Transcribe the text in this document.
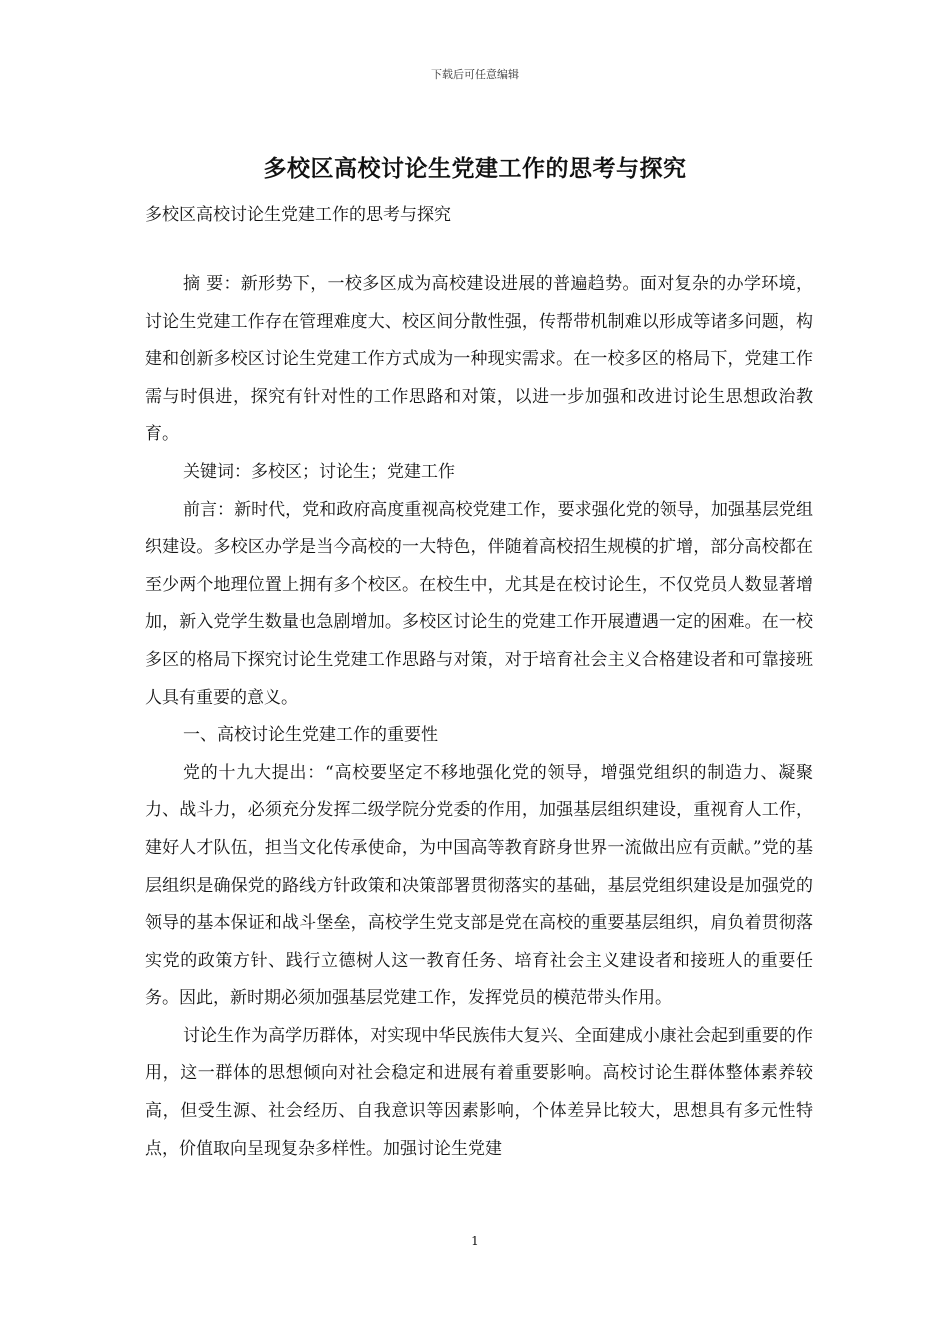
下载后可任意编辑
多校区高校讨论生党建工作的思考与探究
多校区高校讨论生党建工作的思考与探究

摘 要：新形势下，一校多区成为高校建设进展的普遍趋势。面对复杂的办学环境，讨论生党建工作存在管理难度大、校区间分散性强，传帮带机制难以形成等诸多问题，构建和创新多校区讨论生党建工作方式成为一种现实需求。在一校多区的格局下，党建工作需与时俱进，探究有针对性的工作思路和对策，以进一步加强和改进讨论生思想政治教育。

关键词：多校区；讨论生；党建工作

前言：新时代，党和政府高度重视高校党建工作，要求强化党的领导，加强基层党组织建设。多校区办学是当今高校的一大特色，伴随着高校招生规模的扩增，部分高校都在至少两个地理位置上拥有多个校区。在校生中，尤其是在校讨论生，不仅党员人数显著增加，新入党学生数量也急剧增加。多校区讨论生的党建工作开展遭遇一定的困难。在一校多区的格局下探究讨论生党建工作思路与对策，对于培育社会主义合格建设者和可靠接班人具有重要的意义。

一、高校讨论生党建工作的重要性

党的十九大提出：“高校要坚定不移地强化党的领导，增强党组织的制造力、凝聚力、战斗力，必须充分发挥二级学院分党委的作用，加强基层组织建设，重视育人工作，建好人才队伍，担当文化传承使命，为中国高等教育跻身世界一流做出应有贡献。”党的基层组织是确保党的路线方针政策和决策部署贯彻落实的基础，基层党组织建设是加强党的领导的基本保证和战斗堡垒，高校学生党支部是党在高校的重要基层组织，肩负着贯彻落实党的政策方针、践行立德树人这一教育任务、培育社会主义建设者和接班人的重要任务。因此，新时期必须加强基层党建工作，发挥党员的模范带头作用。

讨论生作为高学历群体，对实现中华民族伟大复兴、全面建成小康社会起到重要的作用，这一群体的思想倾向对社会稳定和进展有着重要影响。高校讨论生群体整体素养较高，但受生源、社会经历、自我意识等因素影响，个体差异比较大，思想具有多元性特点，价值取向呈现复杂多样性。加强讨论生党建

1
